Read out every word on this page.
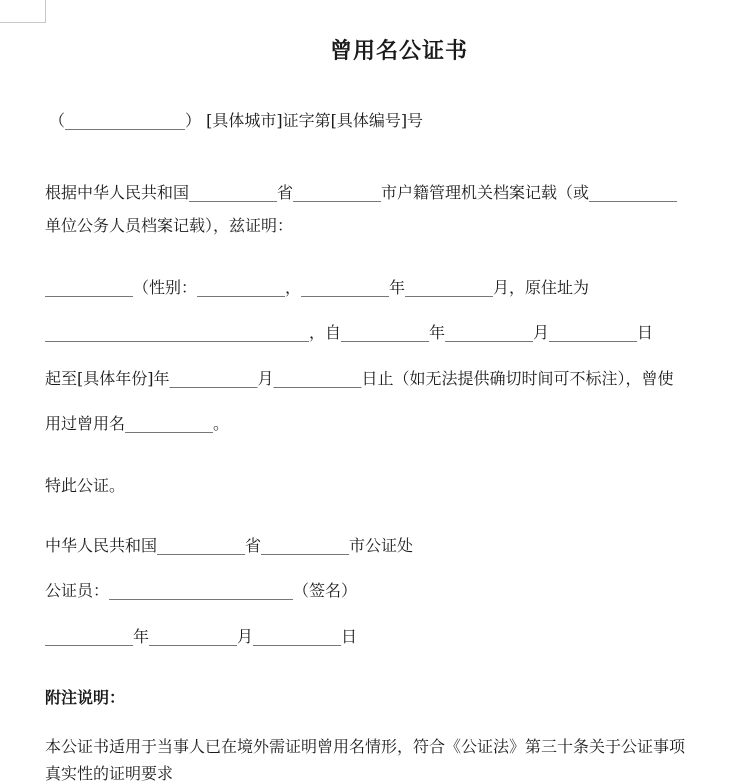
曾用名公证书
（_______________） [具体城市]证字第[具体编号]号
根据中华人民共和国___________省___________市户籍管理机关档案记载（或___________
单位公务人员档案记载），兹证明：
___________（性别：___________，___________年___________月，原住址为
_________________________________，自___________年___________月___________日
起至[具体年份]年___________月___________日止（如无法提供确切时间可不标注），曾使
用过曾用名___________。
特此公证。
中华人民共和国___________省___________市公证处
公证员：_______________________（签名）
___________年___________月___________日
附注说明：
本公证书适用于当事人已在境外需证明曾用名情形，符合《公证法》第三十条关于公证事项
真实性的证明要求
